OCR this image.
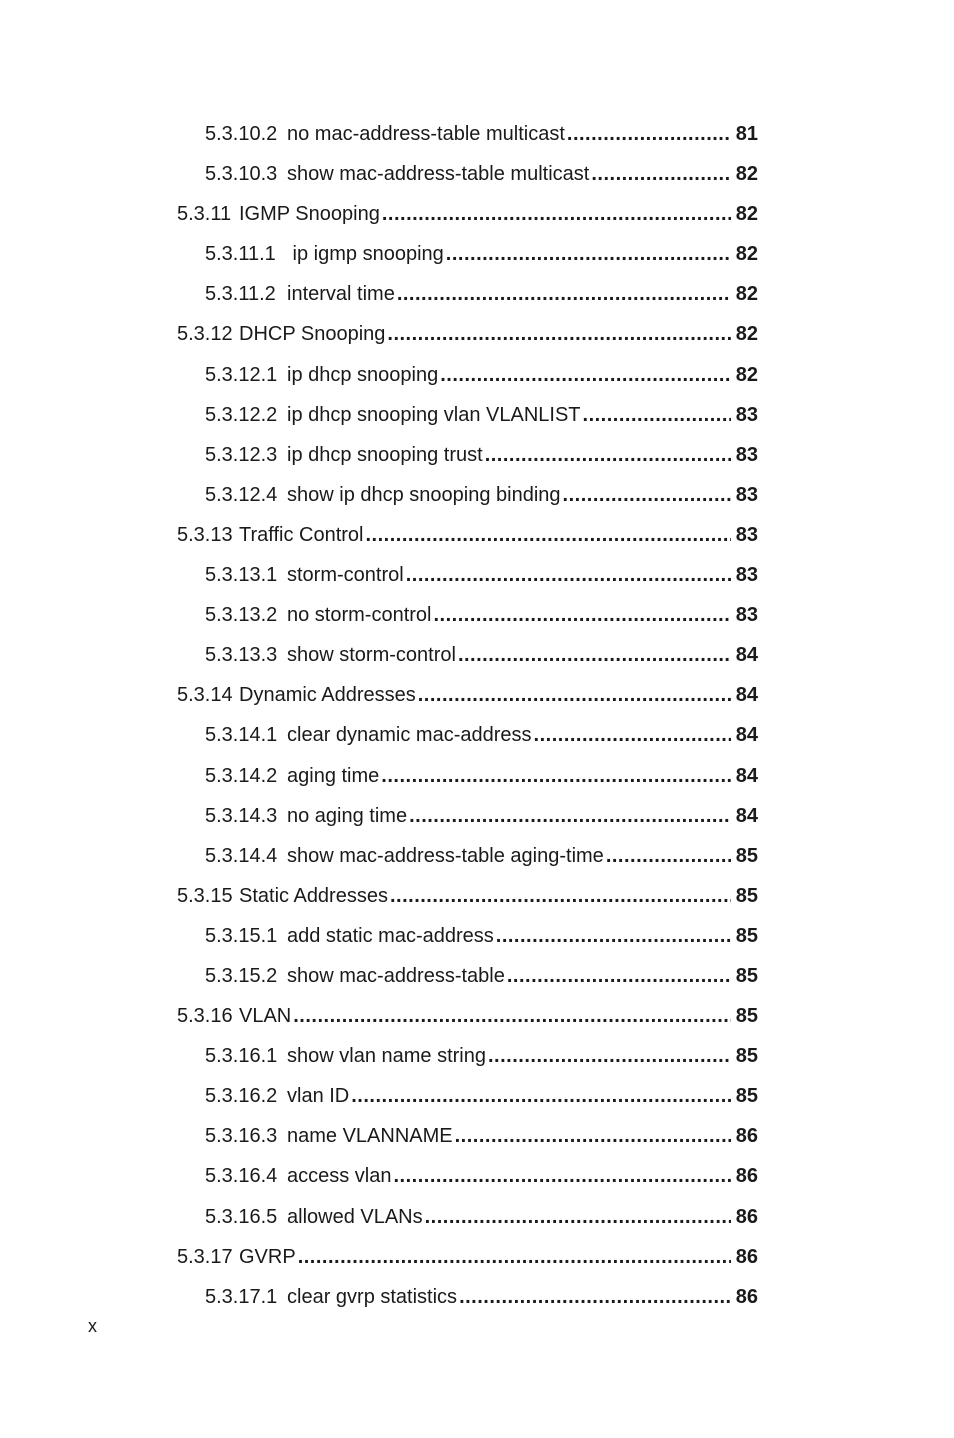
5.3.10.2 no mac-address-table multicast .....	81
5.3.10.3 show mac-address-table multicast .....	82
5.3.11 IGMP Snooping .....	82
5.3.11.1 ip igmp snooping .....	82
5.3.11.2 interval time .....	82
5.3.12 DHCP Snooping .....	82
5.3.12.1 ip dhcp snooping .....	82
5.3.12.2 ip dhcp snooping vlan VLANLIST .....	83
5.3.12.3 ip dhcp snooping trust .....	83
5.3.12.4 show ip dhcp snooping binding .....	83
5.3.13 Traffic Control .....	83
5.3.13.1 storm-control .....	83
5.3.13.2 no storm-control .....	83
5.3.13.3 show storm-control .....	84
5.3.14 Dynamic Addresses .....	84
5.3.14.1 clear dynamic mac-address .....	84
5.3.14.2 aging time .....	84
5.3.14.3 no aging time .....	84
5.3.14.4 show mac-address-table aging-time .....	85
5.3.15 Static Addresses .....	85
5.3.15.1 add static mac-address .....	85
5.3.15.2 show mac-address-table .....	85
5.3.16 VLAN .....	85
5.3.16.1 show vlan name string .....	85
5.3.16.2 vlan ID .....	85
5.3.16.3 name VLANNAME .....	86
5.3.16.4 access vlan .....	86
5.3.16.5 allowed VLANs .....	86
5.3.17 GVRP .....	86
5.3.17.1 clear gvrp statistics .....	86
x
